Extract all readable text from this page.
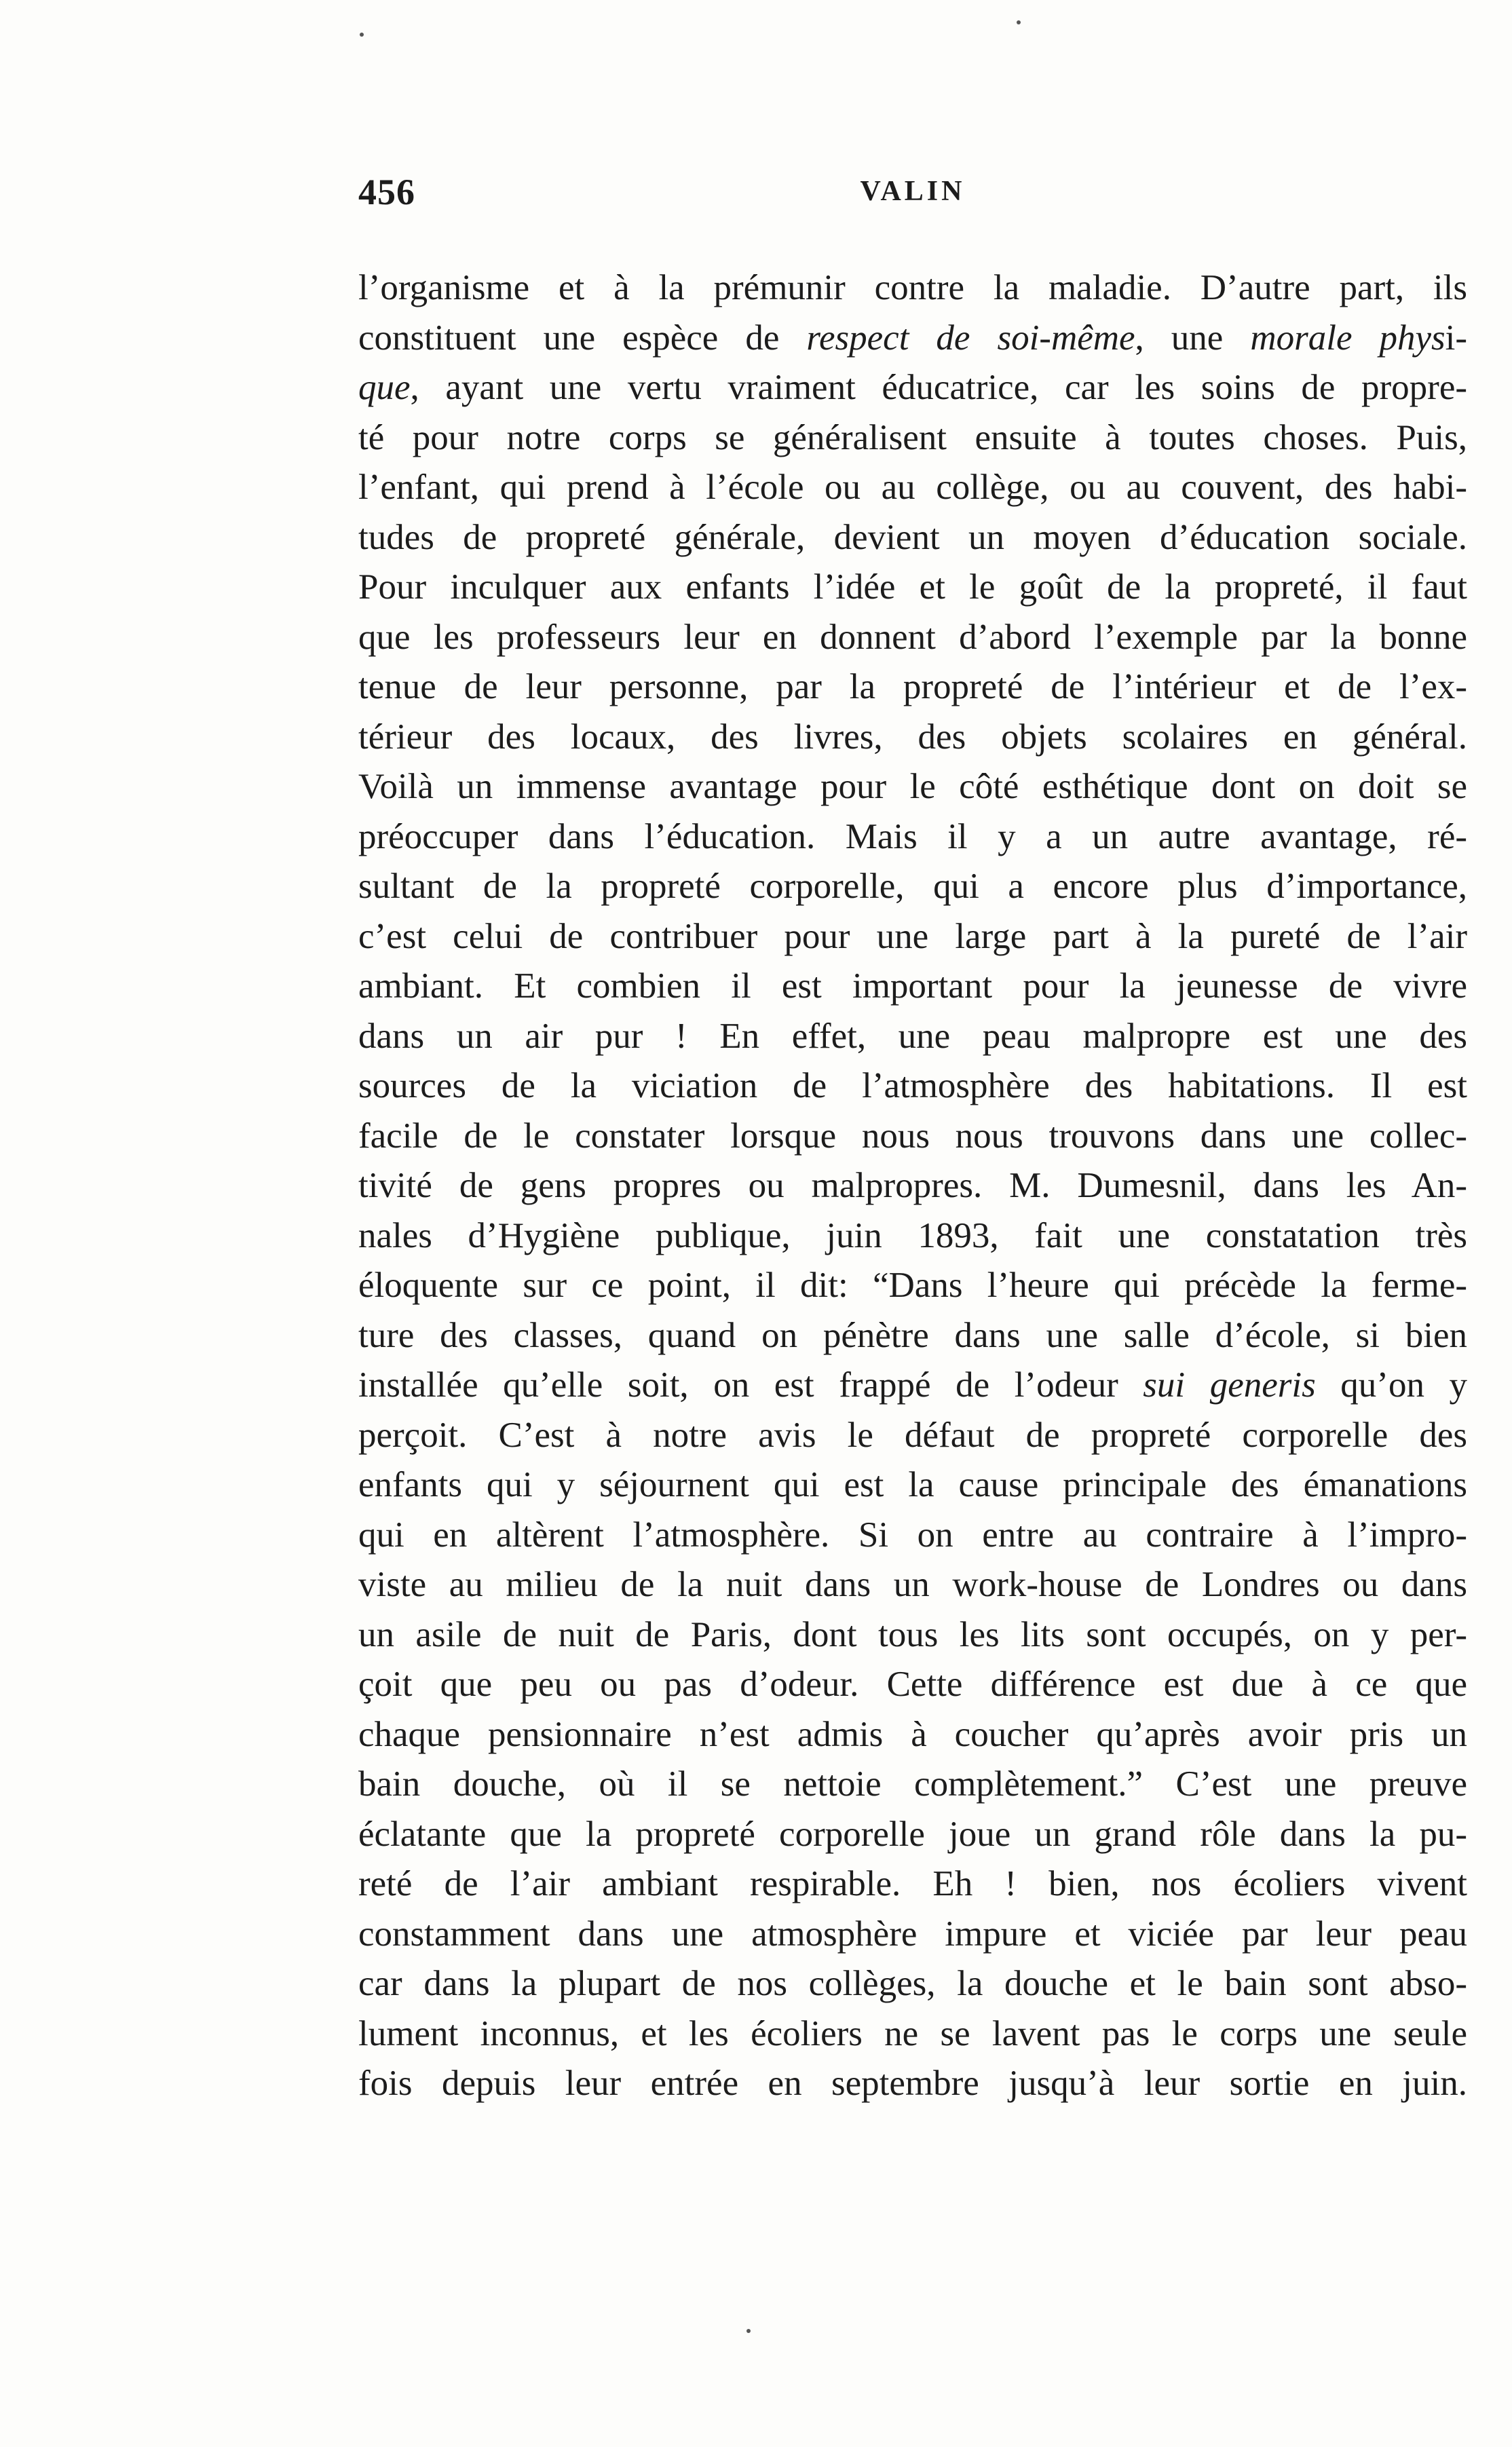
456	VALIN
l’organisme et à la prémunir contre la maladie. D’autre part, ils
constituent une espèce de respect de soi-même, une morale physi-
que, ayant une vertu vraiment éducatrice, car les soins de propre-
té pour notre corps se généralisent ensuite à toutes choses. Puis,
l’enfant, qui prend à l’école ou au collège, ou au couvent, des habi-
tudes de propreté générale, devient un moyen d’éducation sociale.
Pour inculquer aux enfants l’idée et le goût de la propreté, il faut
que les professeurs leur en donnent d’abord l’exemple par la bonne
tenue de leur personne, par la propreté de l’intérieur et de l’ex-
térieur des locaux, des livres, des objets scolaires en général.
Voilà un immense avantage pour le côté esthétique dont on doit se
préoccuper dans l’éducation. Mais il y a un autre avantage, ré-
sultant de la propreté corporelle, qui a encore plus d’importance,
c’est celui de contribuer pour une large part à la pureté de l’air
ambiant. Et combien il est important pour la jeunesse de vivre
dans un air pur ! En effet, une peau malpropre est une des
sources de la viciation de l’atmosphère des habitations. Il est
facile de le constater lorsque nous nous trouvons dans une collec-
tivité de gens propres ou malpropres. M. Dumesnil, dans les An-
nales d’Hygiène publique, juin 1893, fait une constatation très
éloquente sur ce point, il dit: “Dans l’heure qui précède la ferme-
ture des classes, quand on pénètre dans une salle d’école, si bien
installée qu’elle soit, on est frappé de l’odeur sui generis qu’on y
perçoit. C’est à notre avis le défaut de propreté corporelle des
enfants qui y séjournent qui est la cause principale des émanations
qui en altèrent l’atmosphère. Si on entre au contraire à l’impro-
viste au milieu de la nuit dans un work-house de Londres ou dans
un asile de nuit de Paris, dont tous les lits sont occupés, on y per-
çoit que peu ou pas d’odeur. Cette différence est due à ce que
chaque pensionnaire n’est admis à coucher qu’après avoir pris un
bain douche, où il se nettoie complètement.” C’est une preuve
éclatante que la propreté corporelle joue un grand rôle dans la pu-
reté de l’air ambiant respirable. Eh ! bien, nos écoliers vivent
constamment dans une atmosphère impure et viciée par leur peau
car dans la plupart de nos collèges, la douche et le bain sont abso-
lument inconnus, et les écoliers ne se lavent pas le corps une seule
fois depuis leur entrée en septembre jusqu’à leur sortie en juin.
